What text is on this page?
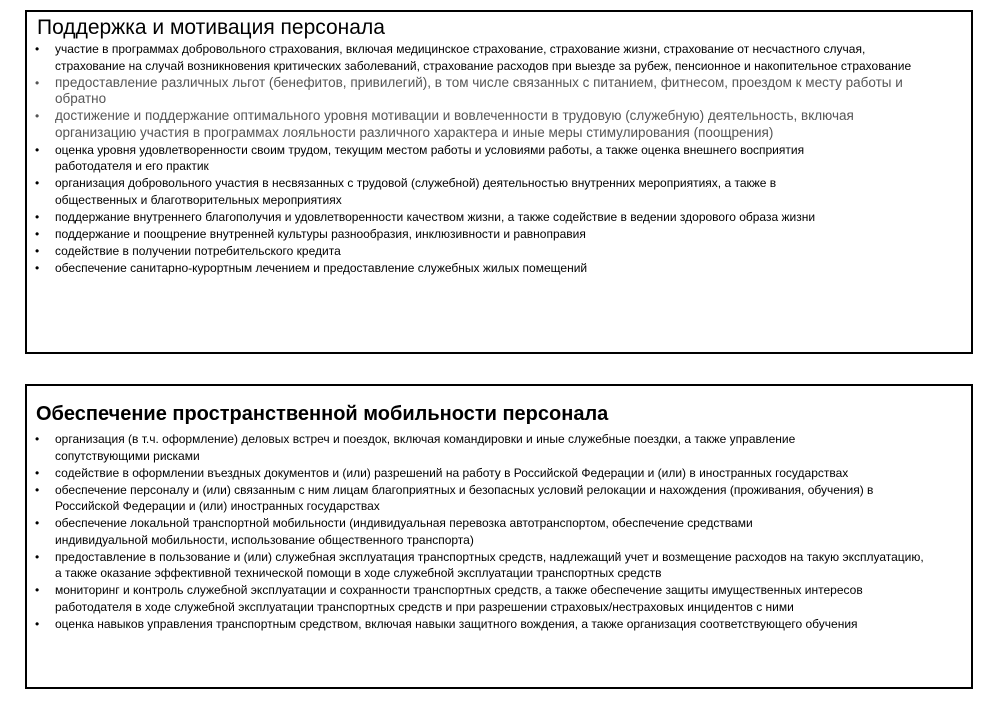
Поддержка и мотивация персонала
• участие в программах добровольного страхования, включая медицинское страхование, страхование жизни, страхование от несчастного случая, страхование на случай возникновения критических заболеваний, страхование расходов при выезде за рубеж, пенсионное и накопительное страхование
• предоставление различных льгот (бенефитов, привилегий), в том числе связанных с питанием, фитнесом, проездом к месту работы и обратно
• достижение и поддержание оптимального уровня мотивации и вовлеченности в трудовую (служебную) деятельность, включая организацию участия в программах лояльности различного характера и иные меры стимулирования (поощрения)
• оценка уровня удовлетворенности своим трудом, текущим местом работы и условиями работы, а также оценка внешнего восприятия работодателя и его практик
• организация добровольного участия в несвязанных с трудовой (служебной) деятельностью внутренних мероприятиях, а также в общественных и благотворительных мероприятиях
• поддержание внутреннего благополучия и удовлетворенности качеством жизни, а также содействие в ведении здорового образа жизни
• поддержание и поощрение внутренней культуры разнообразия, инклюзивности и равноправия
• содействие в получении потребительского кредита
• обеспечение санитарно-курортным лечением и предоставление служебных жилых помещений
Обеспечение пространственной мобильности персонала
• организация (в т.ч. оформление) деловых встреч и поездок, включая командировки и иные служебные поездки, а также управление сопутствующими рисками
• содействие в оформлении въездных документов и (или) разрешений на работу в Российской Федерации и (или) в иностранных государствах
• обеспечение персоналу и (или) связанным с ним лицам благоприятных и безопасных условий релокации и нахождения (проживания, обучения) в Российской Федерации и (или) иностранных государствах
• обеспечение локальной транспортной мобильности (индивидуальная перевозка автотранспортом, обеспечение средствами индивидуальной мобильности, использование общественного транспорта)
• предоставление в пользование и (или) служебная эксплуатация транспортных средств, надлежащий учет и возмещение расходов на такую эксплуатацию, а также оказание эффективной технической помощи в ходе служебной эксплуатации транспортных средств
• мониторинг и контроль служебной эксплуатации и сохранности транспортных средств, а также обеспечение защиты имущественных интересов работодателя в ходе служебной эксплуатации транспортных средств и при разрешении страховых/нестраховых инцидентов с ними
• оценка навыков управления транспортным средством, включая навыки защитного вождения, а также организация соответствующего обучения
